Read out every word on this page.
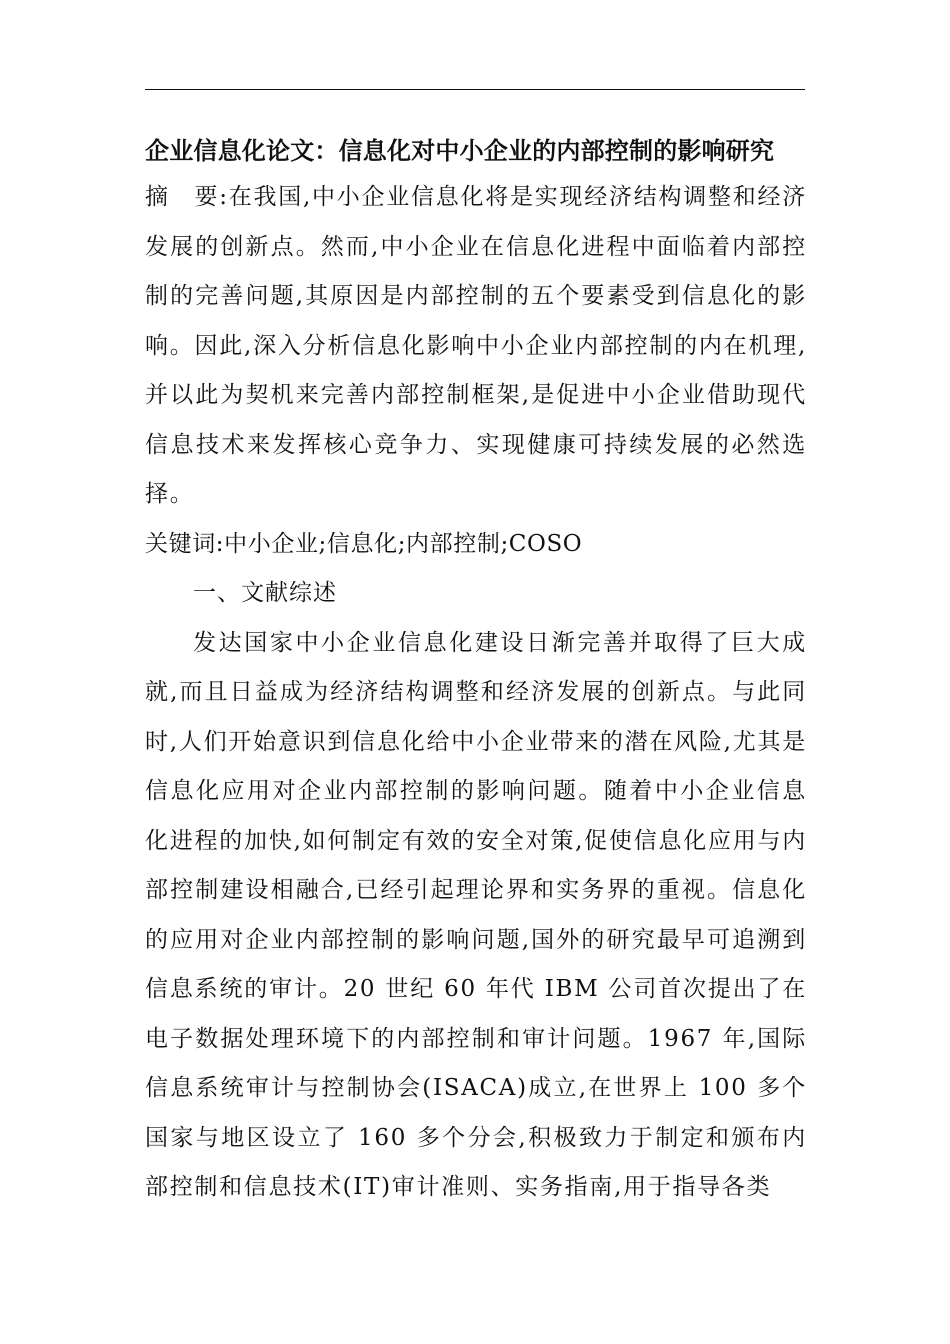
企业信息化论文：信息化对中小企业的内部控制的影响研究

摘　要:在我国,中小企业信息化将是实现经济结构调整和经济发展的创新点。然而,中小企业在信息化进程中面临着内部控制的完善问题,其原因是内部控制的五个要素受到信息化的影响。因此,深入分析信息化影响中小企业内部控制的内在机理,并以此为契机来完善内部控制框架,是促进中小企业借助现代信息技术来发挥核心竞争力、实现健康可持续发展的必然选择。

关键词:中小企业;信息化;内部控制;COSO

一、文献综述

发达国家中小企业信息化建设日渐完善并取得了巨大成就,而且日益成为经济结构调整和经济发展的创新点。与此同时,人们开始意识到信息化给中小企业带来的潜在风险,尤其是信息化应用对企业内部控制的影响问题。随着中小企业信息化进程的加快,如何制定有效的安全对策,促使信息化应用与内部控制建设相融合,已经引起理论界和实务界的重视。信息化的应用对企业内部控制的影响问题,国外的研究最早可追溯到信息系统的审计。20 世纪 60 年代 IBM 公司首次提出了在电子数据处理环境下的内部控制和审计问题。1967 年,国际信息系统审计与控制协会(ISACA)成立,在世界上 100 多个国家与地区设立了 160 多个分会,积极致力于制定和颁布内部控制和信息技术(IT)审计准则、实务指南,用于指导各类
